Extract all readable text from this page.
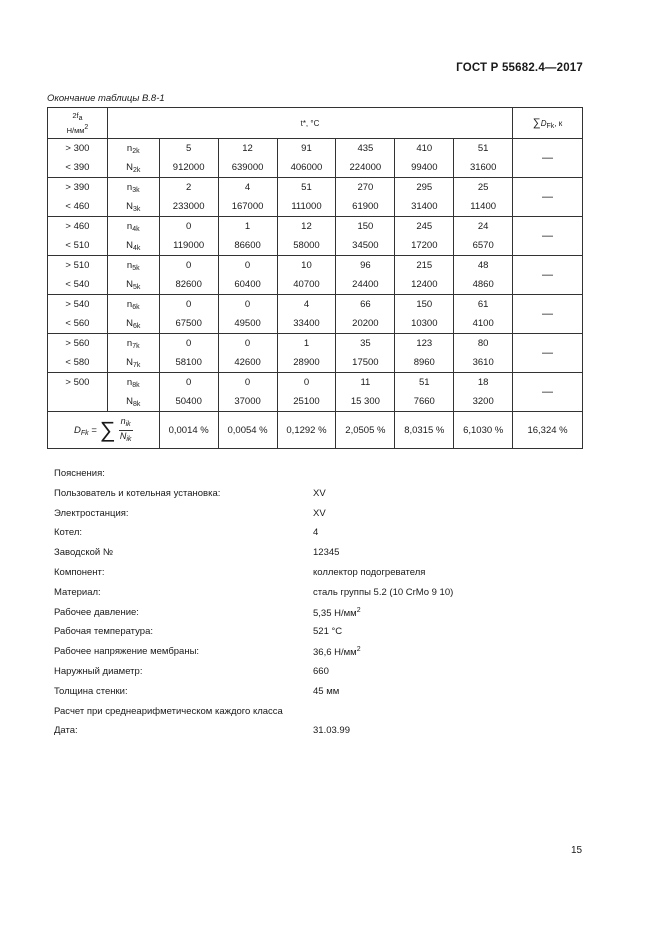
ГОСТ Р 55682.4—2017
Окончание таблицы В.8-1
2fa
Н/мм2	t*, °C							∑DFk, к
> 300	$n_{2k}$	5	12	91	435	410	51	—
< 390	$N_{2k}$	912000	639000	406000	224000	99400	31600	
> 390	$n_{3k}$	2	4	51	270	295	25	—
< 460	$N_{3k}$	233000	167000	111000	61900	31400	11400	
> 460	$n_{4k}$	0	1	12	150	245	24	—
< 510	$N_{4k}$	119000	86600	58000	34500	17200	6570	
> 510	$n_{5k}$	0	0	10	96	215	48	—
< 540	$N_{5k}$	82600	60400	40700	24400	12400	4860	
> 540	$n_{6k}$	0	0	4	66	150	61	—
< 560	$N_{6k}$	67500	49500	33400	20200	10300	4100	
> 560	$n_{7k}$	0	0	1	35	123	80	—
< 580	$N_{7k}$	58100	42600	28900	17500	8960	3610	
> 500	$n_{8k}$	0	0	0	11	51	18	—
	$N_{8k}$	50400	37000	25100	15 300	7660	3200	
$D_{Fk}$ = ∑ $\frac{n_{ik}}{N_{ik}}$		0,0014 %	0,0054 %	0,1292 %	2,0505 %	8,0315 %	6,1030 %	16,324 %
Пояснения:
Пользователь и котельная установка:	XV
Электростанция:	XV
Котел:	4
Заводской №	12345
Компонент:	коллектор подогревателя
Материал:	сталь группы 5.2 (10 CrMo 9 10)
Рабочее давление:	5,35 $Н/мм^2$
Рабочая температура:	521 °С
Рабочее напряжение мембраны:	36,6 $Н/мм^2$
Наружный диаметр:	660
Толщина стенки:	45 мм
Расчет при среднеарифметическом каждого класса
Дата:	31.03.99
15
